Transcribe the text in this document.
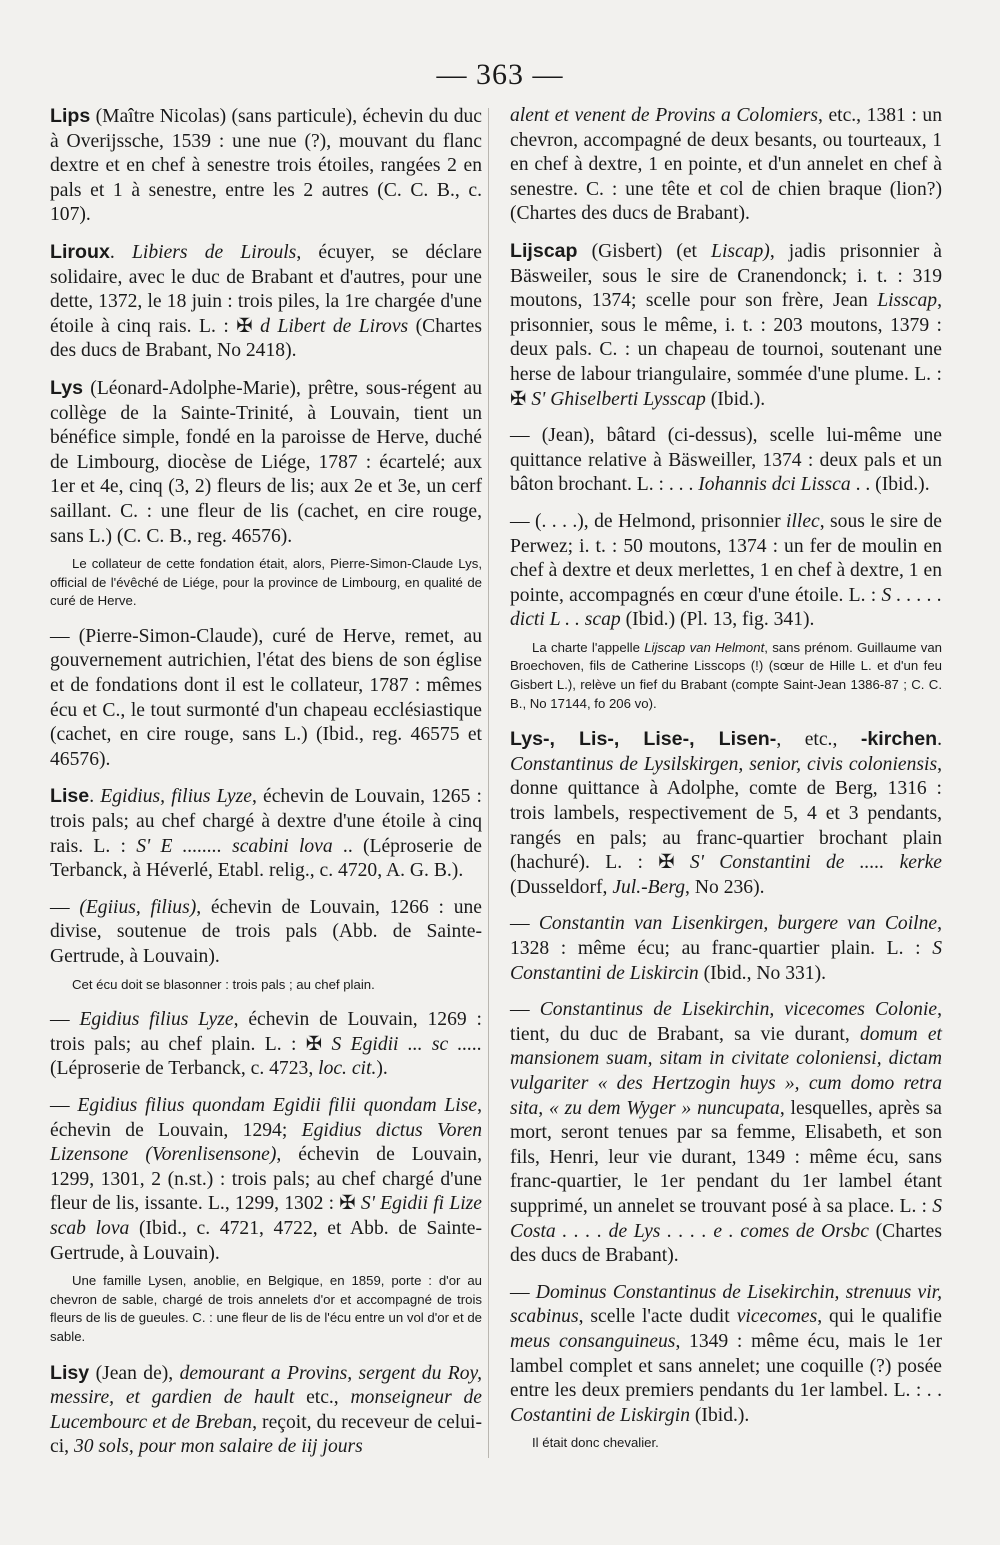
— 363 —

Lips (Maître Nicolas) (sans particule), échevin du duc à Overijssche, 1539 : une nue (?), mouvant du flanc dextre et en chef à senestre trois étoiles, rangées 2 en pals et 1 à senestre, entre les 2 autres (C. C. B., c. 107).

Liroux. Libiers de Lirouls, écuyer, se déclare solidaire, avec le duc de Brabant et d'autres, pour une dette, 1372, le 18 juin : trois piles, la 1re chargée d'une étoile à cinq rais. L. : ✠ d Libert de Lirovs (Chartes des ducs de Brabant, No 2418).

Lys (Léonard-Adolphe-Marie), prêtre, sous-régent au collège de la Sainte-Trinité, à Louvain, tient un bénéfice simple, fondé en la paroisse de Herve, duché de Limbourg, diocèse de Liége, 1787 : écartelé; aux 1er et 4e, cinq (3, 2) fleurs de lis; aux 2e et 3e, un cerf saillant. C. : une fleur de lis (cachet, en cire rouge, sans L.) (C. C. B., reg. 46576).

Le collateur de cette fondation était, alors, Pierre-Simon-Claude Lys, official de l'évêché de Liége, pour la province de Limbourg, en qualité de curé de Herve.

— (Pierre-Simon-Claude), curé de Herve, remet, au gouvernement autrichien, l'état des biens de son église et de fondations dont il est le collateur, 1787 : mêmes écu et C., le tout surmonté d'un chapeau ecclésiastique (cachet, en cire rouge, sans L.) (Ibid., reg. 46575 et 46576).

Lise. Egidius, filius Lyze, échevin de Louvain, 1265 : trois pals; au chef chargé à dextre d'une étoile à cinq rais. L. : S' E ........ scabini lova .. (Léproserie de Terbanck, à Héverlé, Etabl. relig., c. 4720, A. G. B.).

— (Egiius, filius), échevin de Louvain, 1266 : une divise, soutenue de trois pals (Abb. de Sainte-Gertrude, à Louvain).

Cet écu doit se blasonner : trois pals ; au chef plain.

— Egidius filius Lyze, échevin de Louvain, 1269 : trois pals; au chef plain. L. : ✠ S Egidii ... sc ..... (Léproserie de Terbanck, c. 4723, loc. cit.).

— Egidius filius quondam Egidii filii quondam Lise, échevin de Louvain, 1294; Egidius dictus Voren Lizensone (Vorenlisensone), échevin de Louvain, 1299, 1301, 2 (n.st.) : trois pals; au chef chargé d'une fleur de lis, issante. L., 1299, 1302 : ✠ S' Egidii fi Lize scab lova (Ibid., c. 4721, 4722, et Abb. de Sainte-Gertrude, à Louvain).

Une famille Lysen, anoblie, en Belgique, en 1859, porte : d'or au chevron de sable, chargé de trois annelets d'or et accompagné de trois fleurs de lis de gueules. C. : une fleur de lis de l'écu entre un vol d'or et de sable.

Lisy (Jean de), demourant a Provins, sergent du Roy, messire, et gardien de hault etc., monseigneur de Lucembourc et de Breban, reçoit, du receveur de celui-ci, 30 sols, pour mon salaire de iij jours

alent et venent de Provins a Colomiers, etc., 1381 : un chevron, accompagné de deux besants, ou tourteaux, 1 en chef à dextre, 1 en pointe, et d'un annelet en chef à senestre. C. : une tête et col de chien braque (lion?) (Chartes des ducs de Brabant).

Lijscap (Gisbert) (et Liscap), jadis prisonnier à Bäsweiler, sous le sire de Cranendonck; i. t. : 319 moutons, 1374; scelle pour son frère, Jean Lisscap, prisonnier, sous le même, i. t. : 203 moutons, 1379 : deux pals. C. : un chapeau de tournoi, soutenant une herse de labour triangulaire, sommée d'une plume. L. : ✠ S' Ghiselberti Lysscap (Ibid.).

— (Jean), bâtard (ci-dessus), scelle lui-même une quittance relative à Bäsweiller, 1374 : deux pals et un bâton brochant. L. : . . . Iohannis dci Lissca . . (Ibid.).

— (. . . .), de Helmond, prisonnier illec, sous le sire de Perwez; i. t. : 50 moutons, 1374 : un fer de moulin en chef à dextre et deux merlettes, 1 en chef à dextre, 1 en pointe, accompagnés en cœur d'une étoile. L. : S . . . . . dicti L . . scap (Ibid.) (Pl. 13, fig. 341).

La charte l'appelle Lijscap van Helmont, sans prénom. Guillaume van Broechoven, fils de Catherine Lisscops (!) (sœur de Hille L. et d'un feu Gisbert L.), relève un fief du Brabant (compte Saint-Jean 1386-87 ; C. C. B., No 17144, fo 206 vo).

Lys-, Lis-, Lise-, Lisen-, etc., -kirchen. Constantinus de Lysilskirgen, senior, civis coloniensis, donne quittance à Adolphe, comte de Berg, 1316 : trois lambels, respectivement de 5, 4 et 3 pendants, rangés en pals; au franc-quartier brochant plain (hachuré). L. : ✠ S' Constantini de ..... kerke (Dusseldorf, Jul.-Berg, No 236).

— Constantin van Lisenkirgen, burgere van Coilne, 1328 : même écu; au franc-quartier plain. L. : S Constantini de Liskircin (Ibid., No 331).

— Constantinus de Lisekirchin, vicecomes Colonie, tient, du duc de Brabant, sa vie durant, domum et mansionem suam, sitam in civitate coloniensi, dictam vulgariter « des Hertzogin huys », cum domo retra sita, « zu dem Wyger » nuncupata, lesquelles, après sa mort, seront tenues par sa femme, Elisabeth, et son fils, Henri, leur vie durant, 1349 : même écu, sans franc-quartier, le 1er pendant du 1er lambel étant supprimé, un annelet se trouvant posé à sa place. L. : S Costa . . . . de Lys . . . . e . comes de Orsbc (Chartes des ducs de Brabant).

— Dominus Constantinus de Lisekirchin, strenuus vir, scabinus, scelle l'acte dudit vicecomes, qui le qualifie meus consanguineus, 1349 : même écu, mais le 1er lambel complet et sans annelet; une coquille (?) posée entre les deux premiers pendants du 1er lambel. L. : . . Costantini de Liskirgin (Ibid.).

Il était donc chevalier.
